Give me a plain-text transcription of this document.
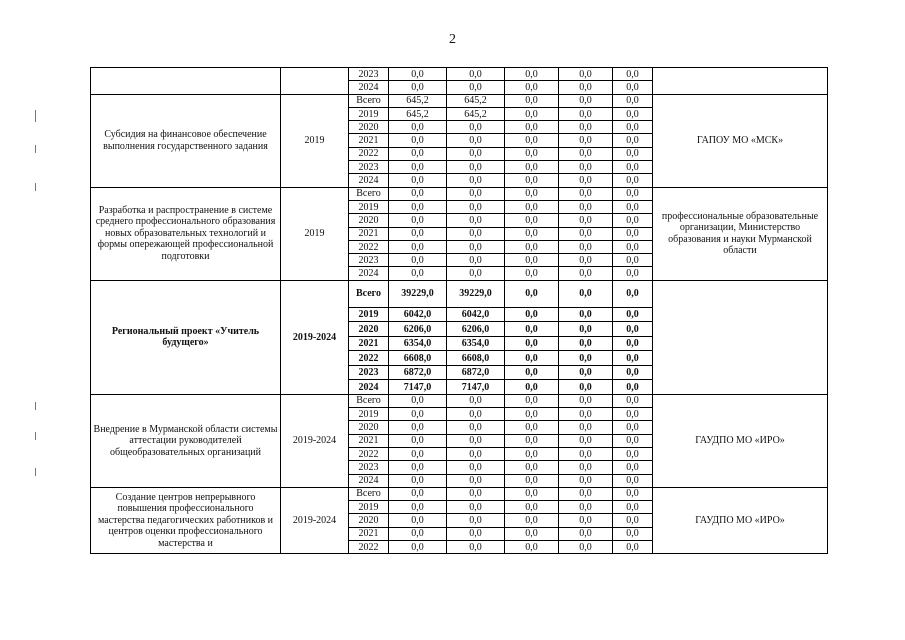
2
		2023	0,0	0,0	0,0	0,0	0,0	
		2024	0,0	0,0	0,0	0,0	0,0	
Субсидия на финансовое обеспечение выполнения государственного задания	2019	Всего	645,2	645,2	0,0	0,0	0,0	ГАПОУ МО «МСК»
		2019	645,2	645,2	0,0	0,0	0,0	
		2020	0,0	0,0	0,0	0,0	0,0	
		2021	0,0	0,0	0,0	0,0	0,0	
		2022	0,0	0,0	0,0	0,0	0,0	
		2023	0,0	0,0	0,0	0,0	0,0	
		2024	0,0	0,0	0,0	0,0	0,0	
Разработка и распространение в системе среднего профессионального образования новых образовательных технологий и формы опережающей профессиональной подготовки	2019	Всего	0,0	0,0	0,0	0,0	0,0	профессиональные образовательные организации, Министерство образования и науки Мурманской области
		2019	0,0	0,0	0,0	0,0	0,0	
		2020	0,0	0,0	0,0	0,0	0,0	
		2021	0,0	0,0	0,0	0,0	0,0	
		2022	0,0	0,0	0,0	0,0	0,0	
		2023	0,0	0,0	0,0	0,0	0,0	
		2024	0,0	0,0	0,0	0,0	0,0	
Региональный проект «Учитель будущего»	2019-2024	Всего	39229,0	39229,0	0,0	0,0	0,0	
		2019	6042,0	6042,0	0,0	0,0	0,0	
		2020	6206,0	6206,0	0,0	0,0	0,0	
		2021	6354,0	6354,0	0,0	0,0	0,0	
		2022	6608,0	6608,0	0,0	0,0	0,0	
		2023	6872,0	6872,0	0,0	0,0	0,0	
		2024	7147,0	7147,0	0,0	0,0	0,0	
Внедрение в Мурманской области системы аттестации руководителей общеобразовательных организаций	2019-2024	Всего	0,0	0,0	0,0	0,0	0,0	ГАУДПО МО «ИРО»
		2019	0,0	0,0	0,0	0,0	0,0	
		2020	0,0	0,0	0,0	0,0	0,0	
		2021	0,0	0,0	0,0	0,0	0,0	
		2022	0,0	0,0	0,0	0,0	0,0	
		2023	0,0	0,0	0,0	0,0	0,0	
		2024	0,0	0,0	0,0	0,0	0,0	
Создание центров непрерывного повышения профессионального мастерства педагогических работников и центров оценки профессионального мастерства и	2019-2024	Всего	0,0	0,0	0,0	0,0	0,0	ГАУДПО МО «ИРО»
		2019	0,0	0,0	0,0	0,0	0,0	
		2020	0,0	0,0	0,0	0,0	0,0	
		2021	0,0	0,0	0,0	0,0	0,0	
		2022	0,0	0,0	0,0	0,0	0,0	
